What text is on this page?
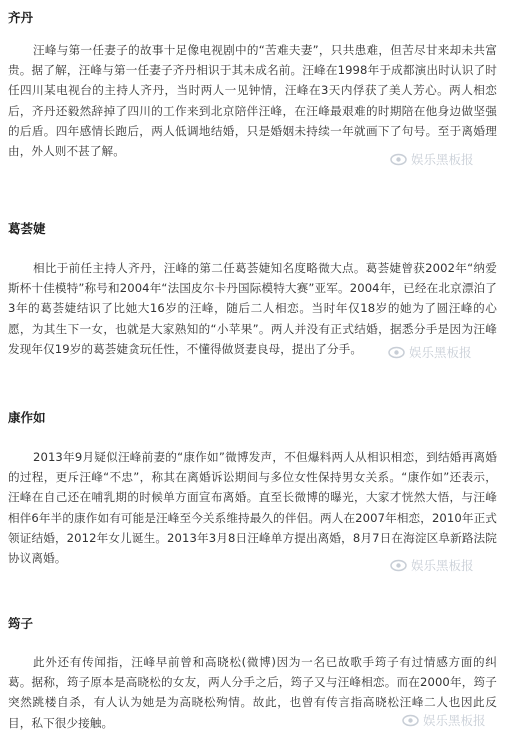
齐丹
汪峰与第一任妻子的故事十足像电视剧中的“苦难夫妻”，只共患难，但苦尽甘来却未共富贵。据了解，汪峰与第一任妻子齐丹相识于其未成名前。汪峰在1998年于成都演出时认识了时任四川某电视台的主持人齐丹，当时两人一见钟情，汪峰在3天内俘获了美人芳心。两人相恋后，齐丹还毅然辞掉了四川的工作来到北京陪伴汪峰，在汪峰最艰难的时期陪在他身边做坚强的后盾。四年感情长跑后，两人低调地结婚，只是婚姻未持续一年就画下了句号。至于离婚理由，外人则不甚了解。
娱乐黑板报
葛荟婕
相比于前任主持人齐丹，汪峰的第二任葛荟婕知名度略微大点。葛荟婕曾获2002年“纳爱斯杯十佳模特”称号和2004年“法国皮尔卡丹国际模特大赛”亚军。2004年，已经在北京漂泊了3年的葛荟婕结识了比她大16岁的汪峰，随后二人相恋。当时年仅18岁的她为了圆汪峰的心愿，为其生下一女，也就是大家熟知的“小苹果”。两人并没有正式结婚，据悉分手是因为汪峰发现年仅19岁的葛荟婕贪玩任性，不懂得做贤妻良母，提出了分手。	娱乐黑板报
康作如
2013年9月疑似汪峰前妻的“康作如”微博发声，不但爆料两人从相识相恋，到结婚再离婚的过程，更斥汪峰“不忠”，称其在离婚诉讼期间与多位女性保持男女关系。“康作如”还表示，汪峰在自己还在哺乳期的时候单方面宣布离婚。直至长微博的曝光，大家才恍然大悟，与汪峰相伴6年半的康作如有可能是汪峰至今关系维持最久的伴侣。两人在2007年相恋，2010年正式领证结婚，2012年女儿诞生。2013年3月8日汪峰单方提出离婚，8月7日在海淀区阜新路法院协议离婚。	娱乐黑板报
筠子
此外还有传闻指，汪峰早前曾和高晓松(微博)因为一名已故歌手筠子有过情感方面的纠葛。据称，筠子原本是高晓松的女友，两人分手之后，筠子又与汪峰相恋。而在2000年，筠子突然跳楼自杀，有人认为她是为高晓松殉情。故此，也曾有传言指高晓松汪峰二人也因此反目，私下很少接触。	娱乐黑板报
